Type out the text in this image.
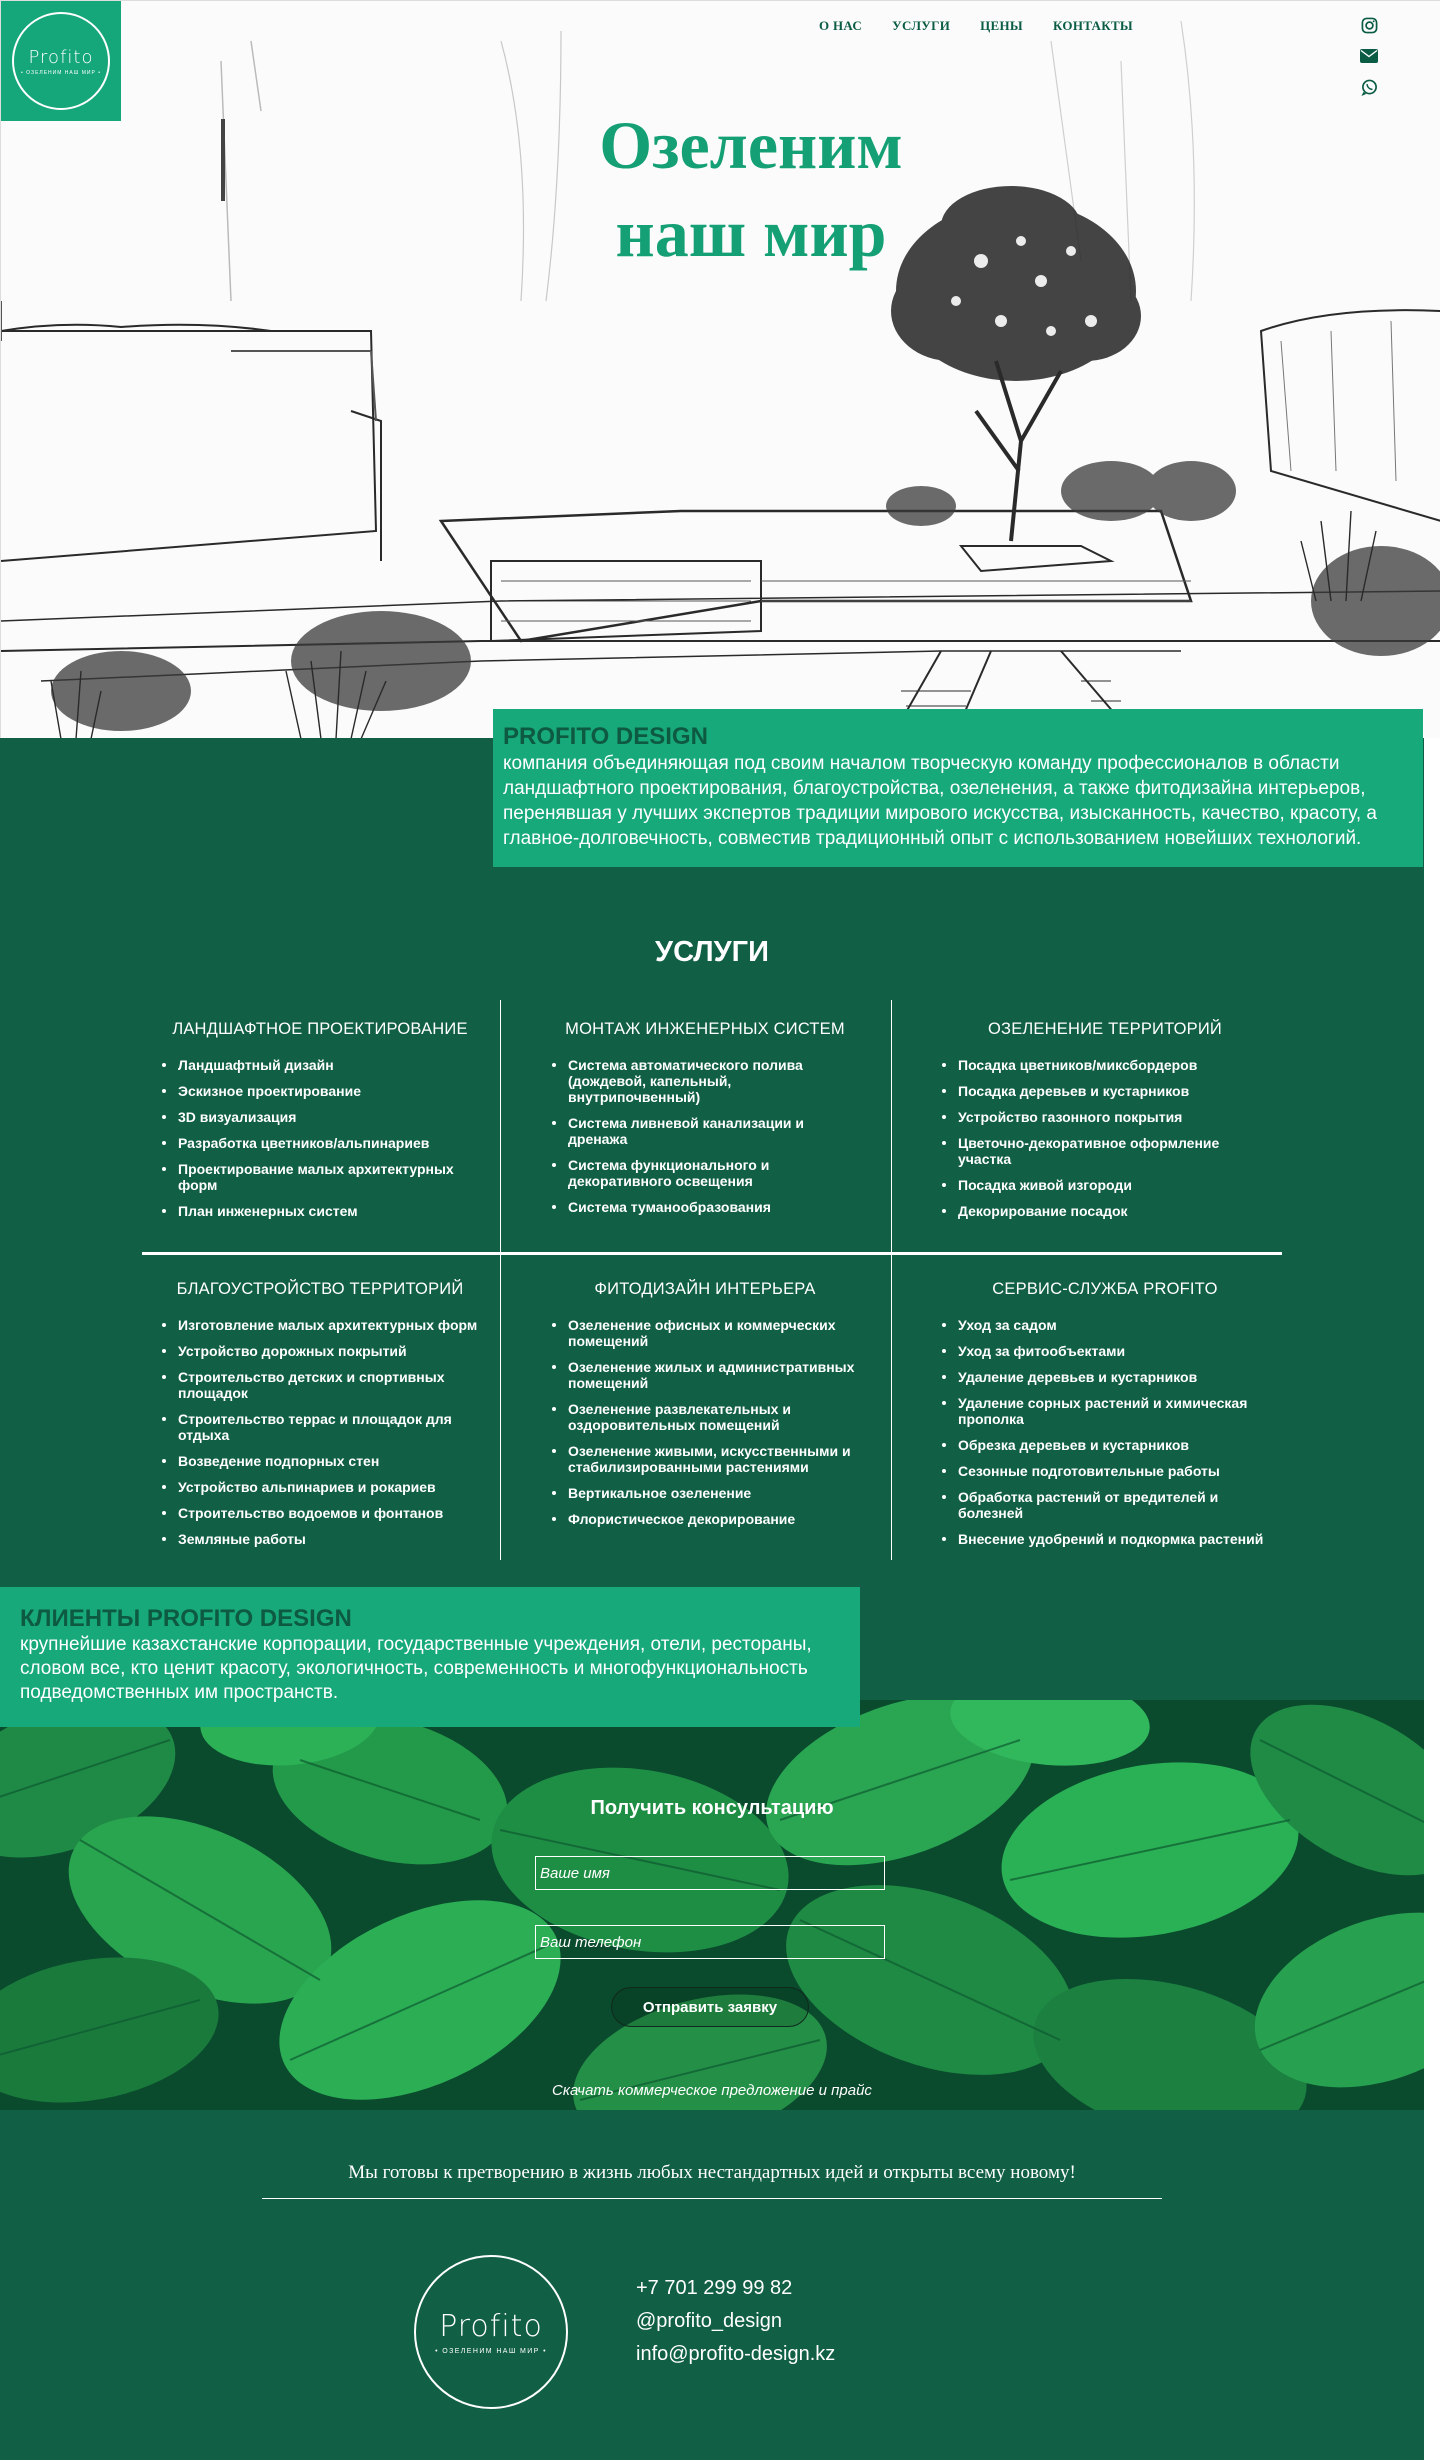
Profito
• ОЗЕЛЕНИМ НАШ МИР •
О НАС УСЛУГИ ЦЕНЫ КОНТАКТЫ
Озеленим
наш мир
PROFITO DESIGN

компания объединяющая под своим началом творческую команду профессионалов в области ландшафтного проектирования, благоустройства, озеленения, а также фитодизайна интерьеров, перенявшая у лучших экспертов традиции мирового искусства, изысканность, качество, красоту, а главное-долговечность, совместив традиционный опыт с использованием новейших технологий.

УСЛУГИ
ЛАНДШАФТНОЕ ПРОЕКТИРОВАНИЕ
Ландшафтный дизайн
Эскизное проектирование
3D визуализация
Разработка цветников/альпинариев
Проектирование малых архитектурных форм
План инженерных систем
МОНТАЖ ИНЖЕНЕРНЫХ СИСТЕМ
Система автоматического полива (дождевой, капельный, внутрипочвенный)
Система ливневой канализации и дренажа
Система функционального и декоративного освещения
Система туманообразования
ОЗЕЛЕНЕНИЕ ТЕРРИТОРИЙ
Посадка цветников/миксбордеров
Посадка деревьев и кустарников
Устройство газонного покрытия
Цветочно-декоративное оформление участка
Посадка живой изгороди
Декорирование посадок
БЛАГОУСТРОЙСТВО ТЕРРИТОРИЙ
Изготовление малых архитектурных форм
Устройство дорожных покрытий
Строительство детских и спортивных площадок
Строительство террас и площадок для отдыха
Возведение подпорных стен
Устройство альпинариев и рокариев
Строительство водоемов и фонтанов
Земляные работы
ФИТОДИЗАЙН ИНТЕРЬЕРА
Озеленение офисных и коммерческих помещений
Озеленение жилых и административных помещений
Озеленение развлекательных и оздоровительных помещений
Озеленение живыми, искусственными и стабилизированными растениями
Вертикальное озеленение
Флористическое декорирование
СЕРВИС-СЛУЖБА PROFITO
Уход за садом
Уход за фитообъектами
Удаление деревьев и кустарников
Удаление сорных растений и химическая прополка
Обрезка деревьев и кустарников
Сезонные подготовительные работы
Обработка растений от вредителей и болезней
Внесение удобрений и подкормка растений
КЛИЕНТЫ PROFITO DESIGN

крупнейшие казахстанские корпорации, государственные учреждения, отели, рестораны, словом все, кто ценит красоту, экологичность, современность и многофункциональность подведомственных им пространств.

Получить консультацию
Ваше имя
Ваш телефон
Отправить заявку
Скачать коммерческое предложение и прайс
Мы готовы к претворению в жизнь любых нестандартных идей и открыты всему новому!
Profito
• ОЗЕЛЕНИМ НАШ МИР •
+7 701 299 99 82
@profito_design
info@profito-design.kz
